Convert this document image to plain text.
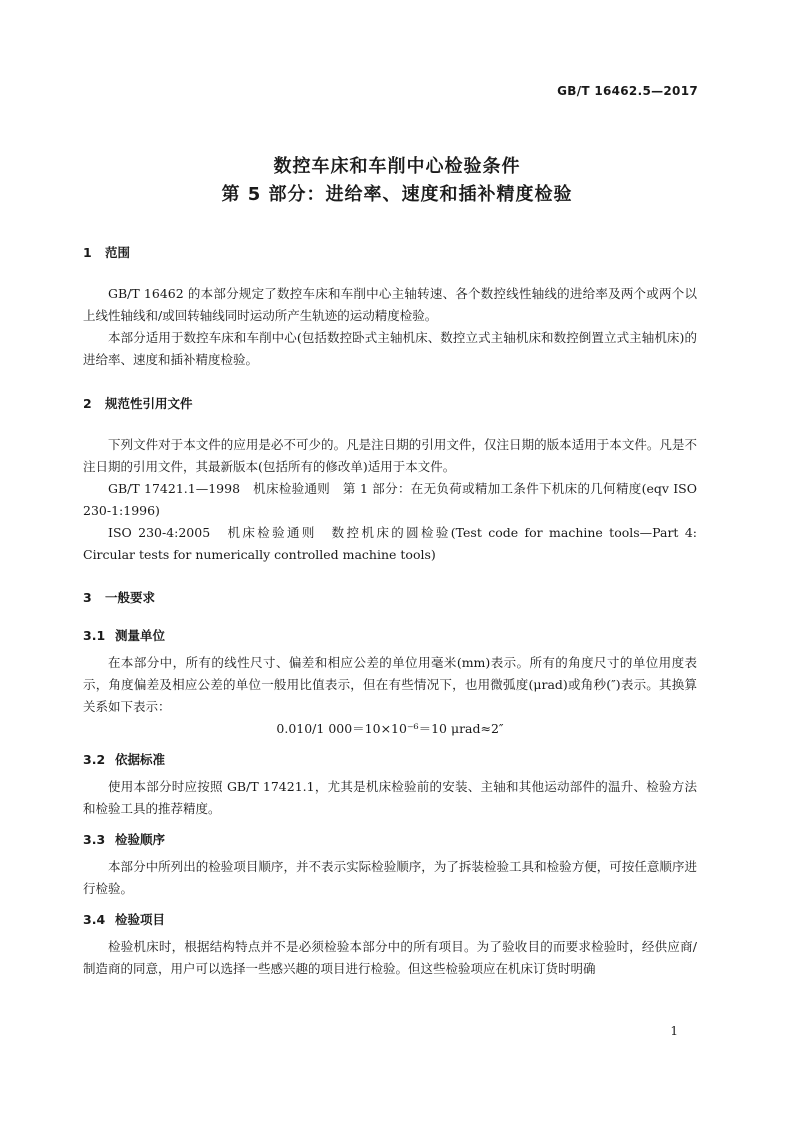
GB/T 16462.5—2017
数控车床和车削中心检验条件
第 5 部分：进给率、速度和插补精度检验
1 范围

GB/T 16462 的本部分规定了数控车床和车削中心主轴转速、各个数控线性轴线的进给率及两个或两个以上线性轴线和/或回转轴线同时运动所产生轨迹的运动精度检验。

本部分适用于数控车床和车削中心(包括数控卧式主轴机床、数控立式主轴机床和数控倒置立式主轴机床)的进给率、速度和插补精度检验。

2 规范性引用文件

下列文件对于本文件的应用是必不可少的。凡是注日期的引用文件，仅注日期的版本适用于本文件。凡是不注日期的引用文件，其最新版本(包括所有的修改单)适用于本文件。

GB/T 17421.1—1998　机床检验通则　第 1 部分：在无负荷或精加工条件下机床的几何精度(eqv ISO 230-1:1996)

ISO 230-4:2005　机床检验通则　数控机床的圆检验(Test code for machine tools—Part 4: Circular tests for numerically controlled machine tools)

3 一般要求
3.1 测量单位

在本部分中，所有的线性尺寸、偏差和相应公差的单位用毫米(mm)表示。所有的角度尺寸的单位用度表示，角度偏差及相应公差的单位一般用比值表示，但在有些情况下，也用微弧度(μrad)或角秒(″)表示。其换算关系如下表示：

0.010/1 000＝10×10⁻⁶＝10 μrad≈2″

3.2 依据标准

使用本部分时应按照 GB/T 17421.1，尤其是机床检验前的安装、主轴和其他运动部件的温升、检验方法和检验工具的推荐精度。

3.3 检验顺序

本部分中所列出的检验项目顺序，并不表示实际检验顺序，为了拆装检验工具和检验方便，可按任意顺序进行检验。

3.4 检验项目

检验机床时，根据结构特点并不是必须检验本部分中的所有项目。为了验收目的而要求检验时，经供应商/制造商的同意，用户可以选择一些感兴趣的项目进行检验。但这些检验项应在机床订货时明确

1
